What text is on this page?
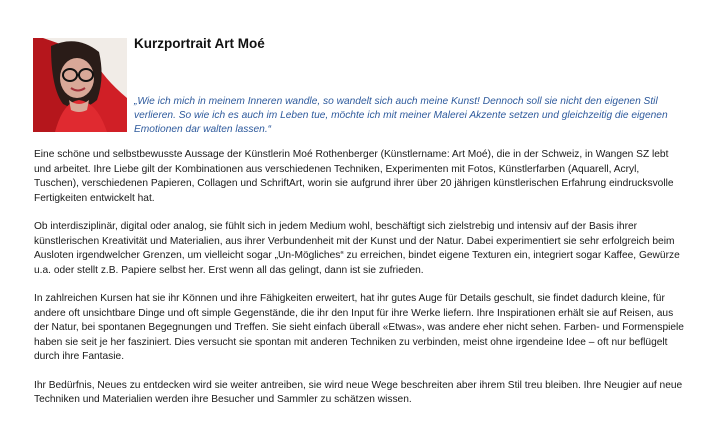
Kurzportrait Art Moé
„Wie ich mich in meinem Inneren wandle, so wandelt sich auch meine Kunst! Dennoch soll sie nicht den eigenen Stil verlieren. So wie ich es auch im Leben tue, möchte ich mit meiner Malerei Akzente setzen und gleichzeitig die eigenen Emotionen dar walten lassen.“

Eine schöne und selbstbewusste Aussage der Künstlerin Moé Rothenberger (Künstlername: Art Moé), die in der Schweiz, in Wangen SZ lebt und arbeitet. Ihre Liebe gilt der Kombinationen aus verschiedenen Techniken, Experimenten mit Fotos, Künstlerfarben (Aquarell, Acryl, Tuschen), verschiedenen Papieren, Collagen und SchriftArt, worin sie aufgrund ihrer über 20 jährigen künstlerischen Erfahrung eindrucksvolle Fertigkeiten entwickelt hat.

Ob interdisziplinär, digital oder analog, sie fühlt sich in jedem Medium wohl, beschäftigt sich zielstrebig und intensiv auf der Basis ihrer künstlerischen Kreativität und Materialien, aus ihrer Verbundenheit mit der Kunst und der Natur. Dabei experimentiert sie sehr erfolgreich beim Ausloten irgendwelcher Grenzen, um vielleicht sogar „Un-Mögliches“ zu erreichen, bindet eigene Texturen ein, integriert sogar Kaffee, Gewürze u.a. oder stellt z.B. Papiere selbst her. Erst wenn all das gelingt, dann ist sie zufrieden.

In zahlreichen Kursen hat sie ihr Können und ihre Fähigkeiten erweitert, hat ihr gutes Auge für Details geschult, sie findet dadurch kleine, für andere oft unsichtbare Dinge und oft simple Gegenstände, die ihr den Input für ihre Werke liefern. Ihre Inspirationen erhält sie auf Reisen, aus der Natur, bei spontanen Begegnungen und Treffen. Sie sieht einfach überall «Etwas», was andere eher nicht sehen. Farben- und Formenspiele haben sie seit je her fasziniert. Dies versucht sie spontan mit anderen Techniken zu verbinden, meist ohne irgendeine Idee – oft nur beflügelt durch ihre Fantasie.

Ihr Bedürfnis, Neues zu entdecken wird sie weiter antreiben, sie wird neue Wege beschreiten aber ihrem Stil treu bleiben. Ihre Neugier auf neue Techniken und Materialien werden ihre Besucher und Sammler zu schätzen wissen.
